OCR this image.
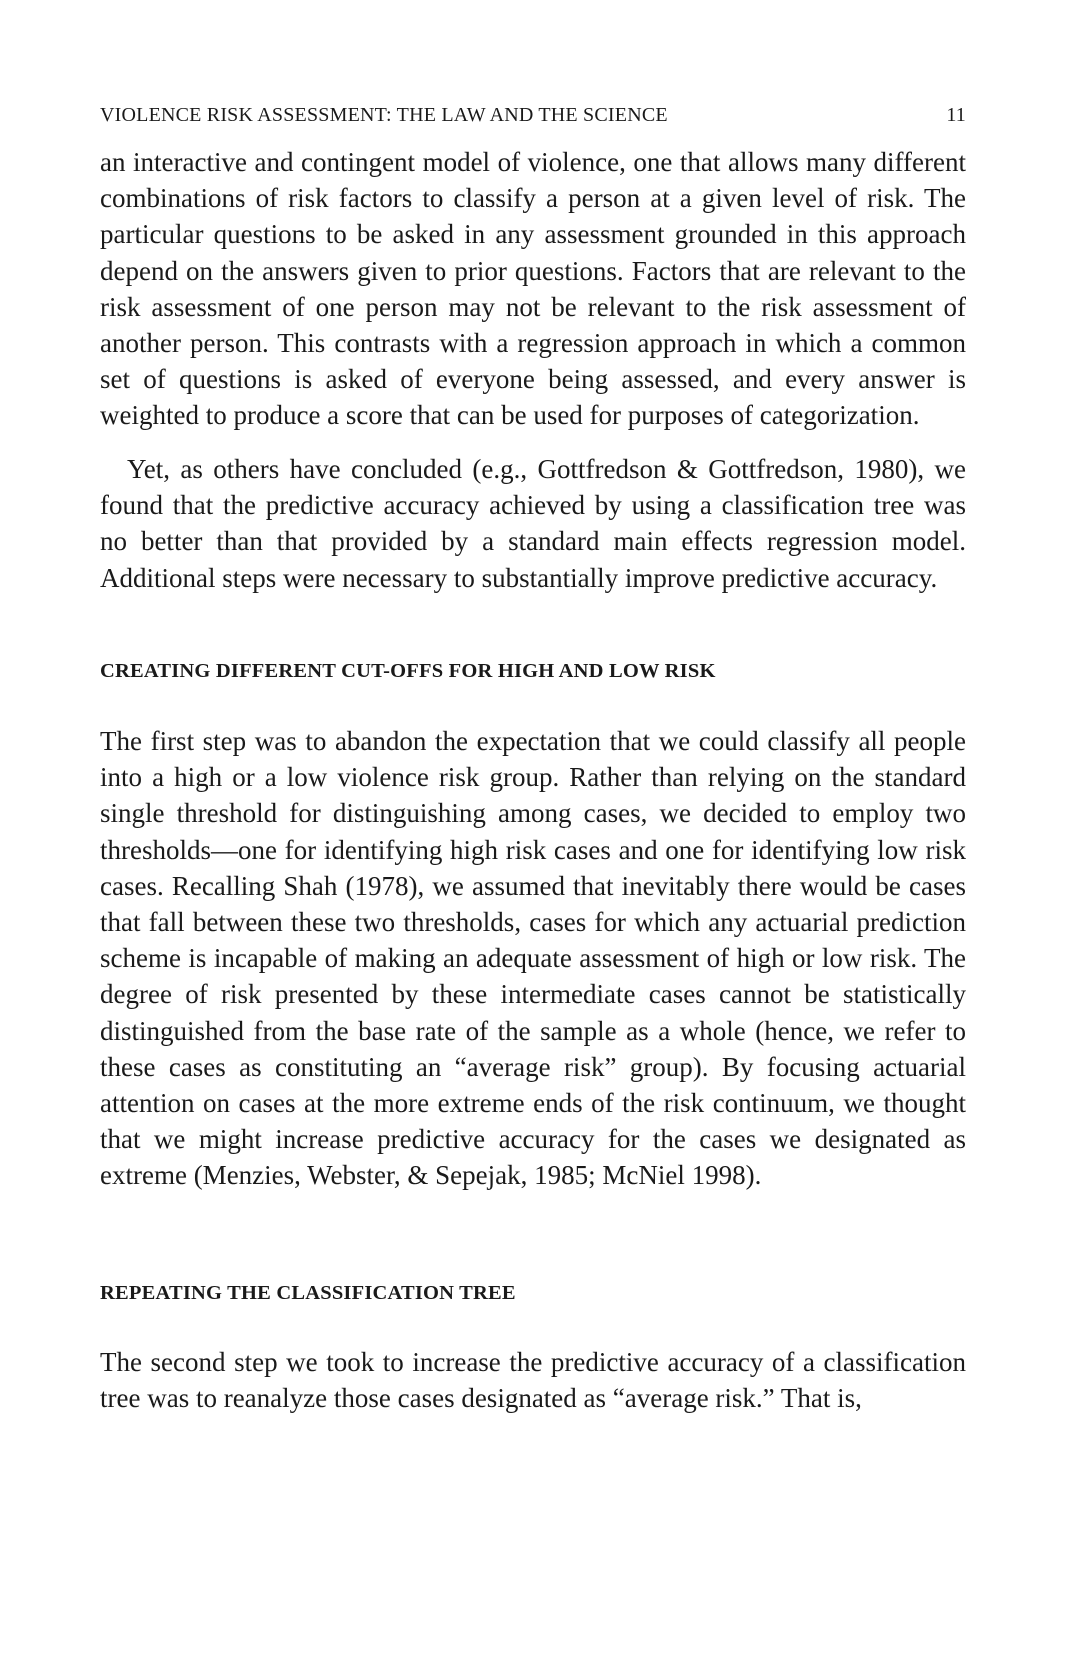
VIOLENCE RISK ASSESSMENT: THE LAW AND THE SCIENCE	11

an interactive and contingent model of violence, one that allows many different combinations of risk factors to classify a person at a given level of risk. The particular questions to be asked in any assessment grounded in this approach depend on the answers given to prior questions. Factors that are relevant to the risk assessment of one person may not be relevant to the risk assessment of another person. This contrasts with a regression approach in which a common set of questions is asked of everyone being assessed, and every answer is weighted to produce a score that can be used for purposes of categorization.

Yet, as others have concluded (e.g., Gottfredson & Gottfredson, 1980), we found that the predictive accuracy achieved by using a classification tree was no better than that provided by a standard main effects regression model. Additional steps were necessary to substantially improve predictive accuracy.

CREATING DIFFERENT CUT-OFFS FOR HIGH AND LOW RISK

The first step was to abandon the expectation that we could classify all people into a high or a low violence risk group. Rather than relying on the standard single threshold for distinguishing among cases, we decided to employ two thresholds—one for identifying high risk cases and one for identifying low risk cases. Recalling Shah (1978), we assumed that inevitably there would be cases that fall between these two thresholds, cases for which any actuarial prediction scheme is incapable of making an adequate assessment of high or low risk. The degree of risk presented by these intermediate cases cannot be statistically distinguished from the base rate of the sample as a whole (hence, we refer to these cases as constituting an “average risk” group). By focusing actuarial attention on cases at the more extreme ends of the risk continuum, we thought that we might increase predictive accuracy for the cases we designated as extreme (Menzies, Webster, & Sepejak, 1985; McNiel 1998).

REPEATING THE CLASSIFICATION TREE

The second step we took to increase the predictive accuracy of a classification tree was to reanalyze those cases designated as “average risk.” That is,
